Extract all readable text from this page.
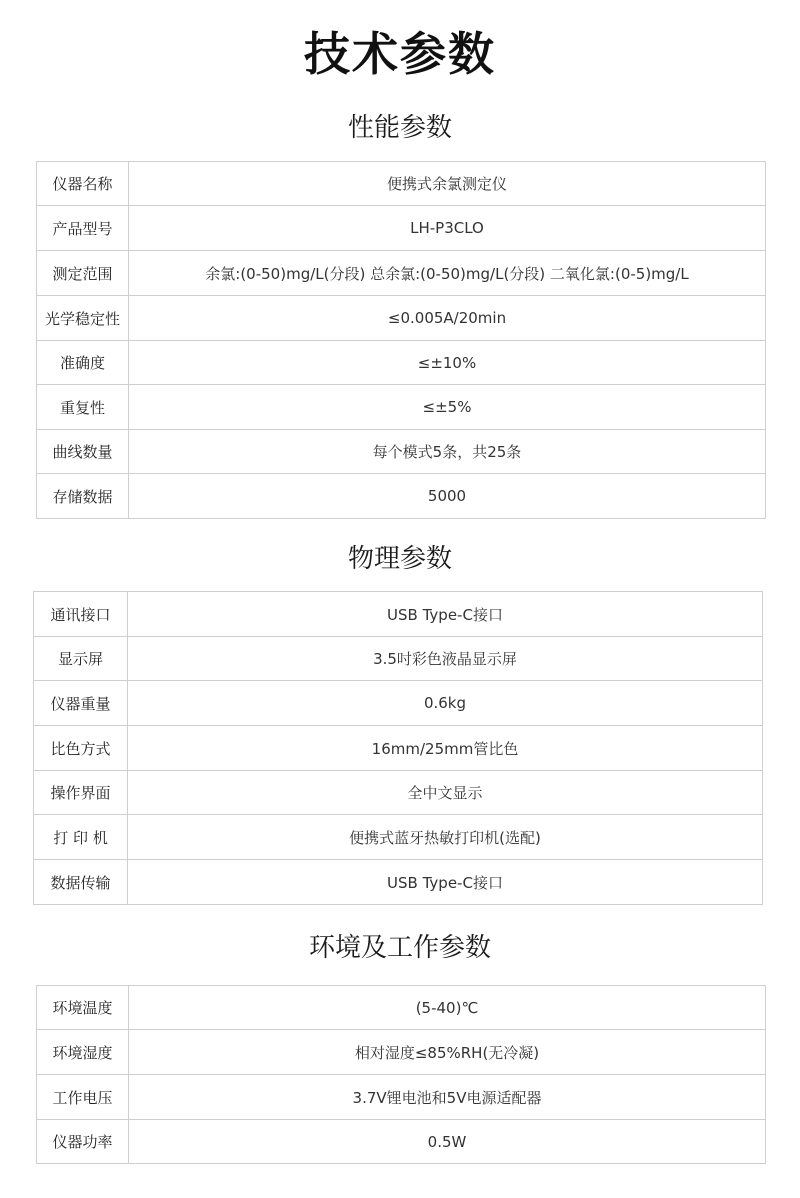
技术参数
性能参数
仪器名称	便携式余氯测定仪
产品型号	LH-P3CLO
测定范围	余氯:(0-50)mg/L(分段) 总余氯:(0-50)mg/L(分段) 二氧化氯:(0-5)mg/L
光学稳定性	≤0.005A/20min
准确度	≤±10%
重复性	≤±5%
曲线数量	每个模式5条，共25条
存储数据	5000
物理参数
通讯接口	USB Type-C接口
显示屏	3.5吋彩色液晶显示屏
仪器重量	0.6kg
比色方式	16mm/25mm管比色
操作界面	全中文显示
打 印 机	便携式蓝牙热敏打印机(选配)
数据传输	USB Type-C接口
环境及工作参数
环境温度	(5-40)℃
环境湿度	相对湿度≤85%RH(无冷凝)
工作电压	3.7V锂电池和5V电源适配器
仪器功率	0.5W
